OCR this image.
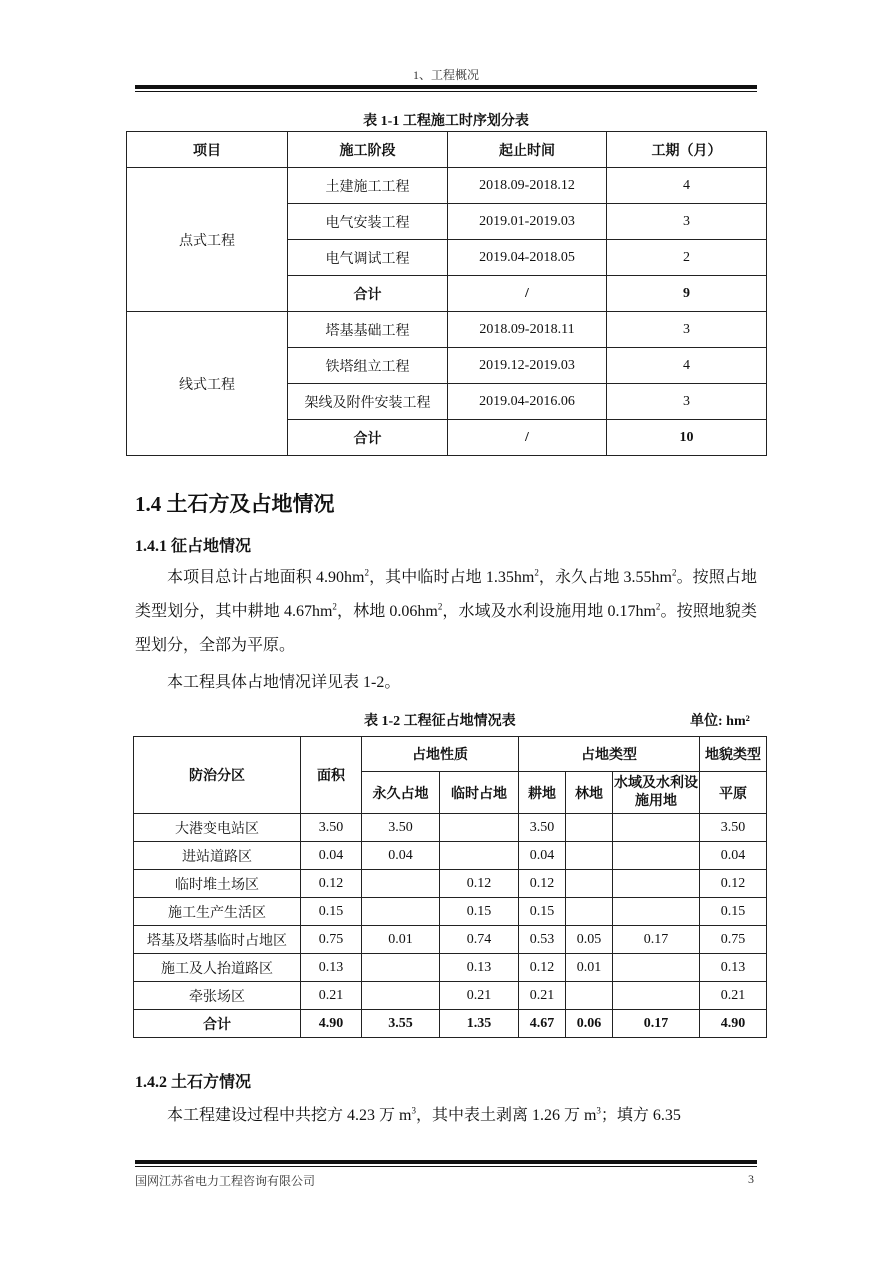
1、工程概况
表 1-1 工程施工时序划分表
项目	施工阶段	起止时间	工期（月）
点式工程	土建施工工程	2018.09-2018.12	4
	电气安装工程	2019.01-2019.03	3
	电气调试工程	2019.04-2018.05	2
	合计	/	9
线式工程	塔基基础工程	2018.09-2018.11	3
	铁塔组立工程	2019.12-2019.03	4
	架线及附件安装工程	2019.04-2016.06	3
	合计	/	10
1.4 土石方及占地情况
1.4.1 征占地情况
本项目总计占地面积 $4.90hm^2$，其中临时占地 $1.35hm^2$，永久占地 $3.55hm^2$。按照占地类型划分，其中耕地 $4.67hm^2$，林地 $0.06hm^2$，水域及水利设施用地 $0.17hm^2$。按照地貌类型划分，全部为平原。
本工程具体占地情况详见表 1-2。
表 1-2 工程征占地情况表	单位: hm²
防治分区	面积	占地性质		占地类型			地貌类型
		永久占地	临时占地	耕地	林地	水域及水利设施用地	平原
大港变电站区	3.50	3.50		3.50			3.50
进站道路区	0.04	0.04		0.04			0.04
临时堆土场区	0.12		0.12	0.12			0.12
施工生产生活区	0.15		0.15	0.15			0.15
塔基及塔基临时占地区	0.75	0.01	0.74	0.53	0.05	0.17	0.75
施工及人抬道路区	0.13		0.13	0.12	0.01		0.13
牵张场区	0.21		0.21	0.21			0.21
合计	4.90	3.55	1.35	4.67	0.06	0.17	4.90
1.4.2 土石方情况
本工程建设过程中共挖方 4.23 万 $m^3$，其中表土剥离 1.26 万 $m^3$；填方 6.35
国网江苏省电力工程咨询有限公司	3
